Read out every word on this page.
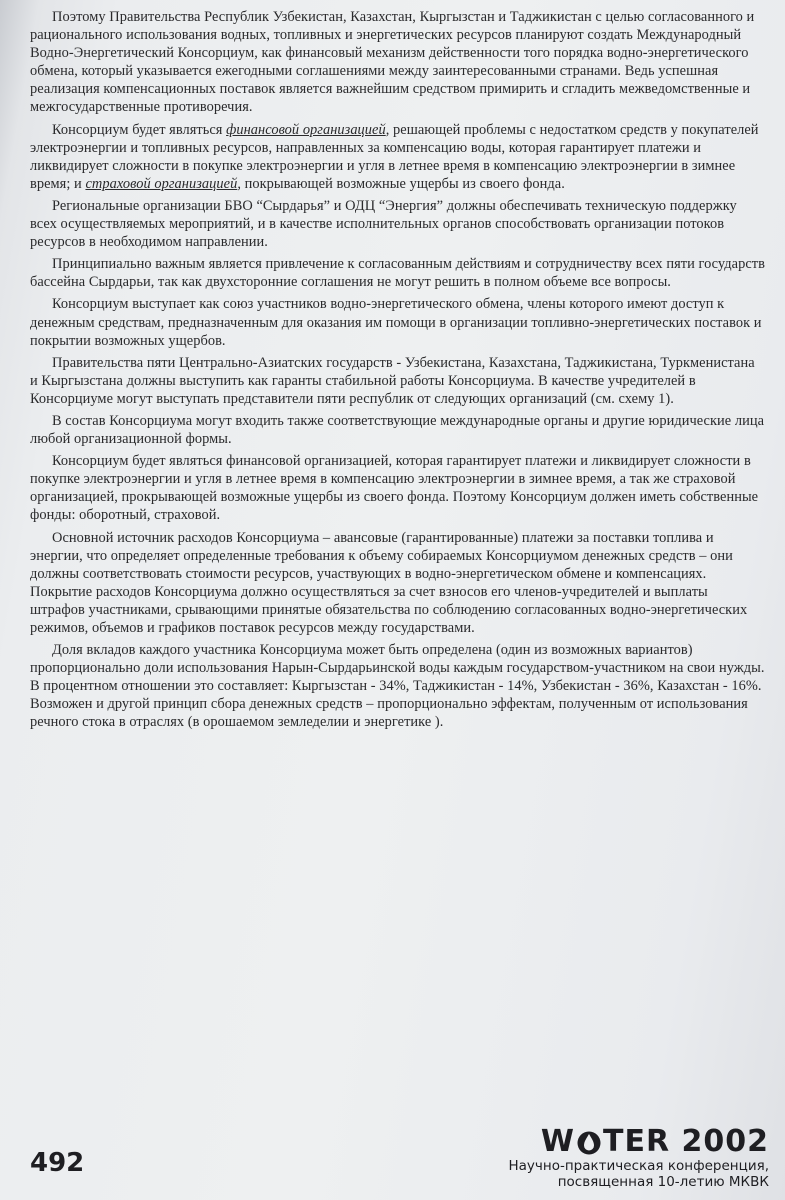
Поэтому Правительства Республик Узбекистан, Казахстан, Кыргызстан и Таджикистан с целью согласованного и рационального использования водных, топливных и энергетических ресурсов планируют создать Международный Водно-Энергетический Консорциум, как финансовый механизм действенности того порядка водно-энергетического обмена, который указывается ежегодными соглашениями между заинтересованными странами. Ведь успешная реализация компенсационных поставок является важнейшим средством примирить и сгладить межведомственные и межгосударственные противоречия.

Консорциум будет являться финансовой организацией, решающей проблемы с недостатком средств у покупателей электроэнергии и топливных ресурсов, направленных за компенсацию воды, которая гарантирует платежи и ликвидирует сложности в покупке электроэнергии и угля в летнее время в компенсацию электроэнергии в зимнее время; и страховой организацией, покрывающей возможные ущербы из своего фонда.

Региональные организации БВО “Сырдарья” и ОДЦ “Энергия” должны обеспечивать техническую поддержку всех осуществляемых мероприятий, и в качестве исполнительных органов способствовать организации потоков ресурсов в необходимом направлении.

Принципиально важным является привлечение к согласованным действиям и сотрудничеству всех пяти государств бассейна Сырдарьи, так как двухсторонние соглашения не могут решить в полном объеме все вопросы.

Консорциум выступает как союз участников водно-энергетического обмена, члены которого имеют доступ к денежным средствам, предназначенным для оказания им помощи в организации топливно-энергетических поставок и покрытии возможных ущербов.

Правительства пяти Центрально-Азиатских государств - Узбекистана, Казахстана, Таджикистана, Туркменистана и Кыргызстана должны выступить как гаранты стабильной работы Консорциума. В качестве учредителей в Консорциуме могут выступать представители пяти республик от следующих организаций (см. схему 1).

В состав Консорциума могут входить также соответствующие международные органы и другие юридические лица любой организационной формы.

Консорциум будет являться финансовой организацией, которая гарантирует платежи и ликвидирует сложности в покупке электроэнергии и угля в летнее время в компенсацию электроэнергии в зимнее время, а так же страховой организацией, прокрывающей возможные ущербы из своего фонда. Поэтому Консорциум должен иметь собственные фонды: оборотный, страховой.

Основной источник расходов Консорциума – авансовые (гарантированные) платежи за поставки топлива и энергии, что определяет определенные требования к объему собираемых Консорциумом денежных средств – они должны соответствовать стоимости ресурсов, участвующих в водно-энергетическом обмене и компенсациях. Покрытие расходов Консорциума должно осуществляться за счет взносов его членов-учредителей и выплаты штрафов участниками, срывающими принятые обязательства по соблюдению согласованных водно-энергетических режимов, объемов и графиков поставок ресурсов между государствами.

Доля вкладов каждого участника Консорциума может быть определена (один из возможных вариантов) пропорционально доли использования Нарын-Сырдарьинской воды каждым государством-участником на свои нужды. В процентном отношении это составляет: Кыргызстан - 34%, Таджикистан - 14%, Узбекистан - 36%, Казахстан - 16%. Возможен и другой принцип сбора денежных средств – пропорционально эффектам, полученным от использования речного стока в отраслях (в орошаемом земледелии и энергетике ).

492
W TER 2002
Научно-практическая конференция,
посвященная 10-летию МКВК
